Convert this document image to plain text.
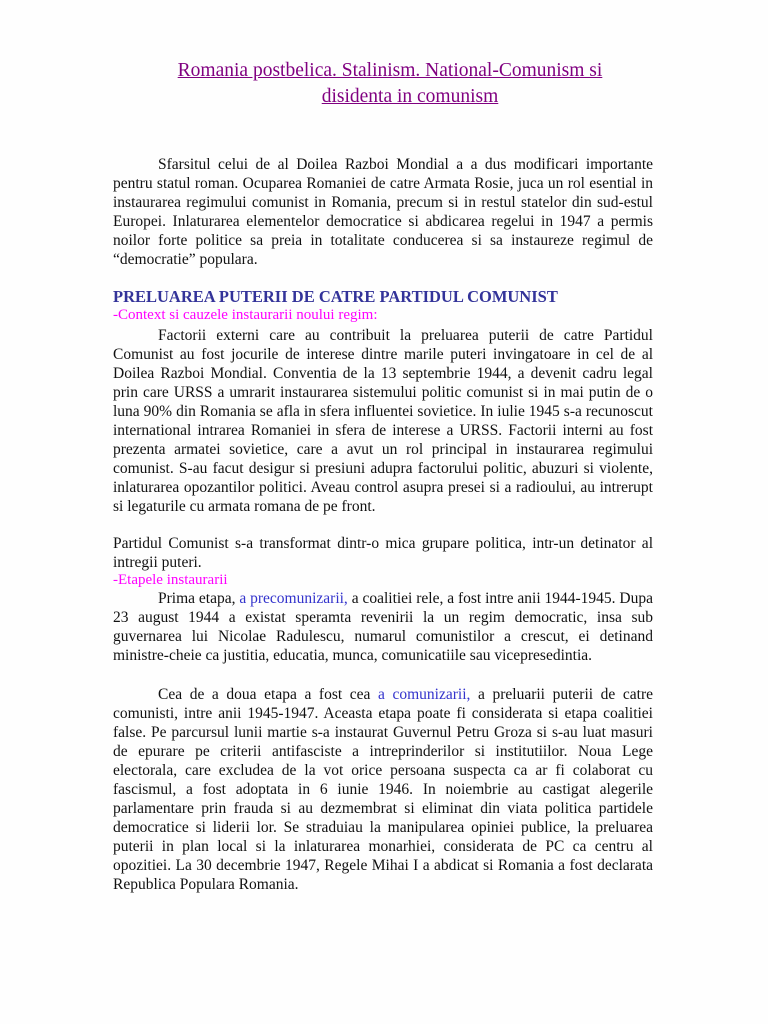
Romania postbelica. Stalinism. National-Comunism si
disidenta in comunism

Sfarsitul celui de al Doilea Razboi Mondial a a dus modificari importante pentru statul roman. Ocuparea Romaniei de catre Armata Rosie, juca un rol esential in instaurarea regimului comunist in Romania, precum si in restul statelor din sud-estul Europei. Inlaturarea elementelor democratice si abdicarea regelui in 1947 a permis noilor forte politice sa preia in totalitate conducerea si sa instaureze regimul de “democratie” populara.

PRELUAREA PUTERII DE CATRE PARTIDUL COMUNIST
-Context si cauzele instaurarii noului regim:

Factorii externi care au contribuit la preluarea puterii de catre Partidul Comunist au fost jocurile de interese dintre marile puteri invingatoare in cel de al Doilea Razboi Mondial. Conventia de la 13 septembrie 1944, a devenit cadru legal prin care URSS a umrarit instaurarea sistemului politic comunist si in mai putin de o luna 90% din Romania se afla in sfera influentei sovietice. In iulie 1945 s-a recunoscut international intrarea Romaniei in sfera de interese a URSS. Factorii interni au fost prezenta armatei sovietice, care a avut un rol principal in instaurarea regimului comunist. S-au facut desigur si presiuni adupra factorului politic, abuzuri si violente, inlaturarea opozantilor politici. Aveau control asupra presei si a radioului, au intrerupt si legaturile cu armata romana de pe front.

Partidul Comunist s-a transformat dintr-o mica grupare politica, intr-un detinator al intregii puteri.

-Etapele instaurarii

Prima etapa, a precomunizarii, a coalitiei rele, a fost intre anii 1944-1945. Dupa 23 august 1944 a existat speramta revenirii la un regim democratic, insa sub guvernarea lui Nicolae Radulescu, numarul comunistilor a crescut, ei detinand ministre-cheie ca justitia, educatia, munca, comunicatiile sau vicepresedintia.

Cea de a doua etapa a fost cea a comunizarii, a preluarii puterii de catre comunisti, intre anii 1945-1947. Aceasta etapa poate fi considerata si etapa coalitiei false. Pe parcursul lunii martie s-a instaurat Guvernul Petru Groza si s-au luat masuri de epurare pe criterii antifasciste a intreprinderilor si institutiilor. Noua Lege electorala, care excludea de la vot orice persoana suspecta ca ar fi colaborat cu fascismul, a fost adoptata in 6 iunie 1946. In noiembrie au castigat alegerile parlamentare prin frauda si au dezmembrat si eliminat din viata politica partidele democratice si liderii lor. Se straduiau la manipularea opiniei publice, la preluarea puterii in plan local si la inlaturarea monarhiei, considerata de PC ca centru al opozitiei. La 30 decembrie 1947, Regele Mihai I a abdicat si Romania a fost declarata Republica Populara Romania.
